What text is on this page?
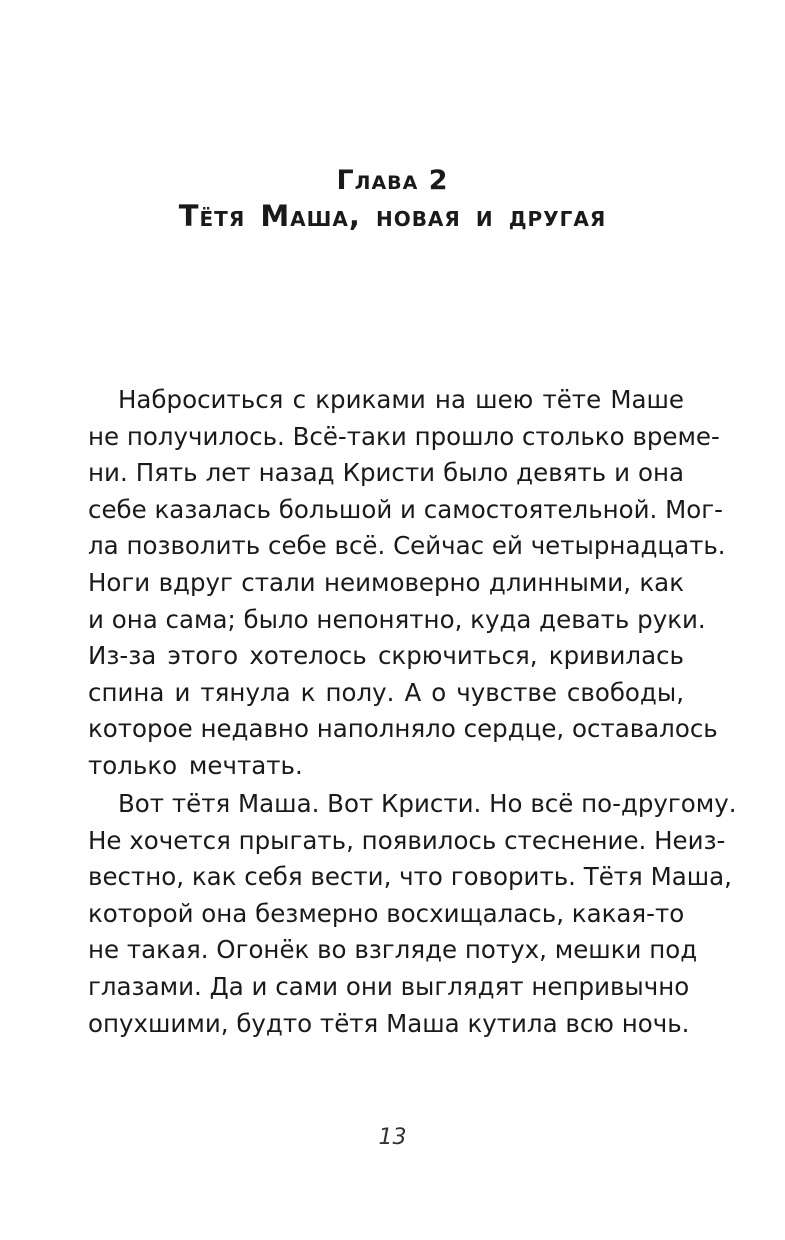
Глава 2
Тётя Маша, новая и другая
Наброситься с криками на шею тёте Маше
не получилось. Всё-таки прошло столько време-
ни. Пять лет назад Кристи было девять и она
себе казалась большой и самостоятельной. Мог-
ла позволить себе всё. Сейчас ей четырнадцать.
Ноги вдруг стали неимоверно длинными, как
и она сама; было непонятно, куда девать руки.
Из-за этого хотелось скрючиться, кривилась
спина и тянула к полу. А о чувстве свободы,
которое недавно наполняло сердце, оставалось
только мечтать.
Вот тётя Маша. Вот Кристи. Но всё по-другому.
Не хочется прыгать, появилось стеснение. Неиз-
вестно, как себя вести, что говорить. Тётя Маша,
которой она безмерно восхищалась, какая-то
не такая. Огонёк во взгляде потух, мешки под
глазами. Да и сами они выглядят непривычно
опухшими, будто тётя Маша кутила всю ночь.
13
